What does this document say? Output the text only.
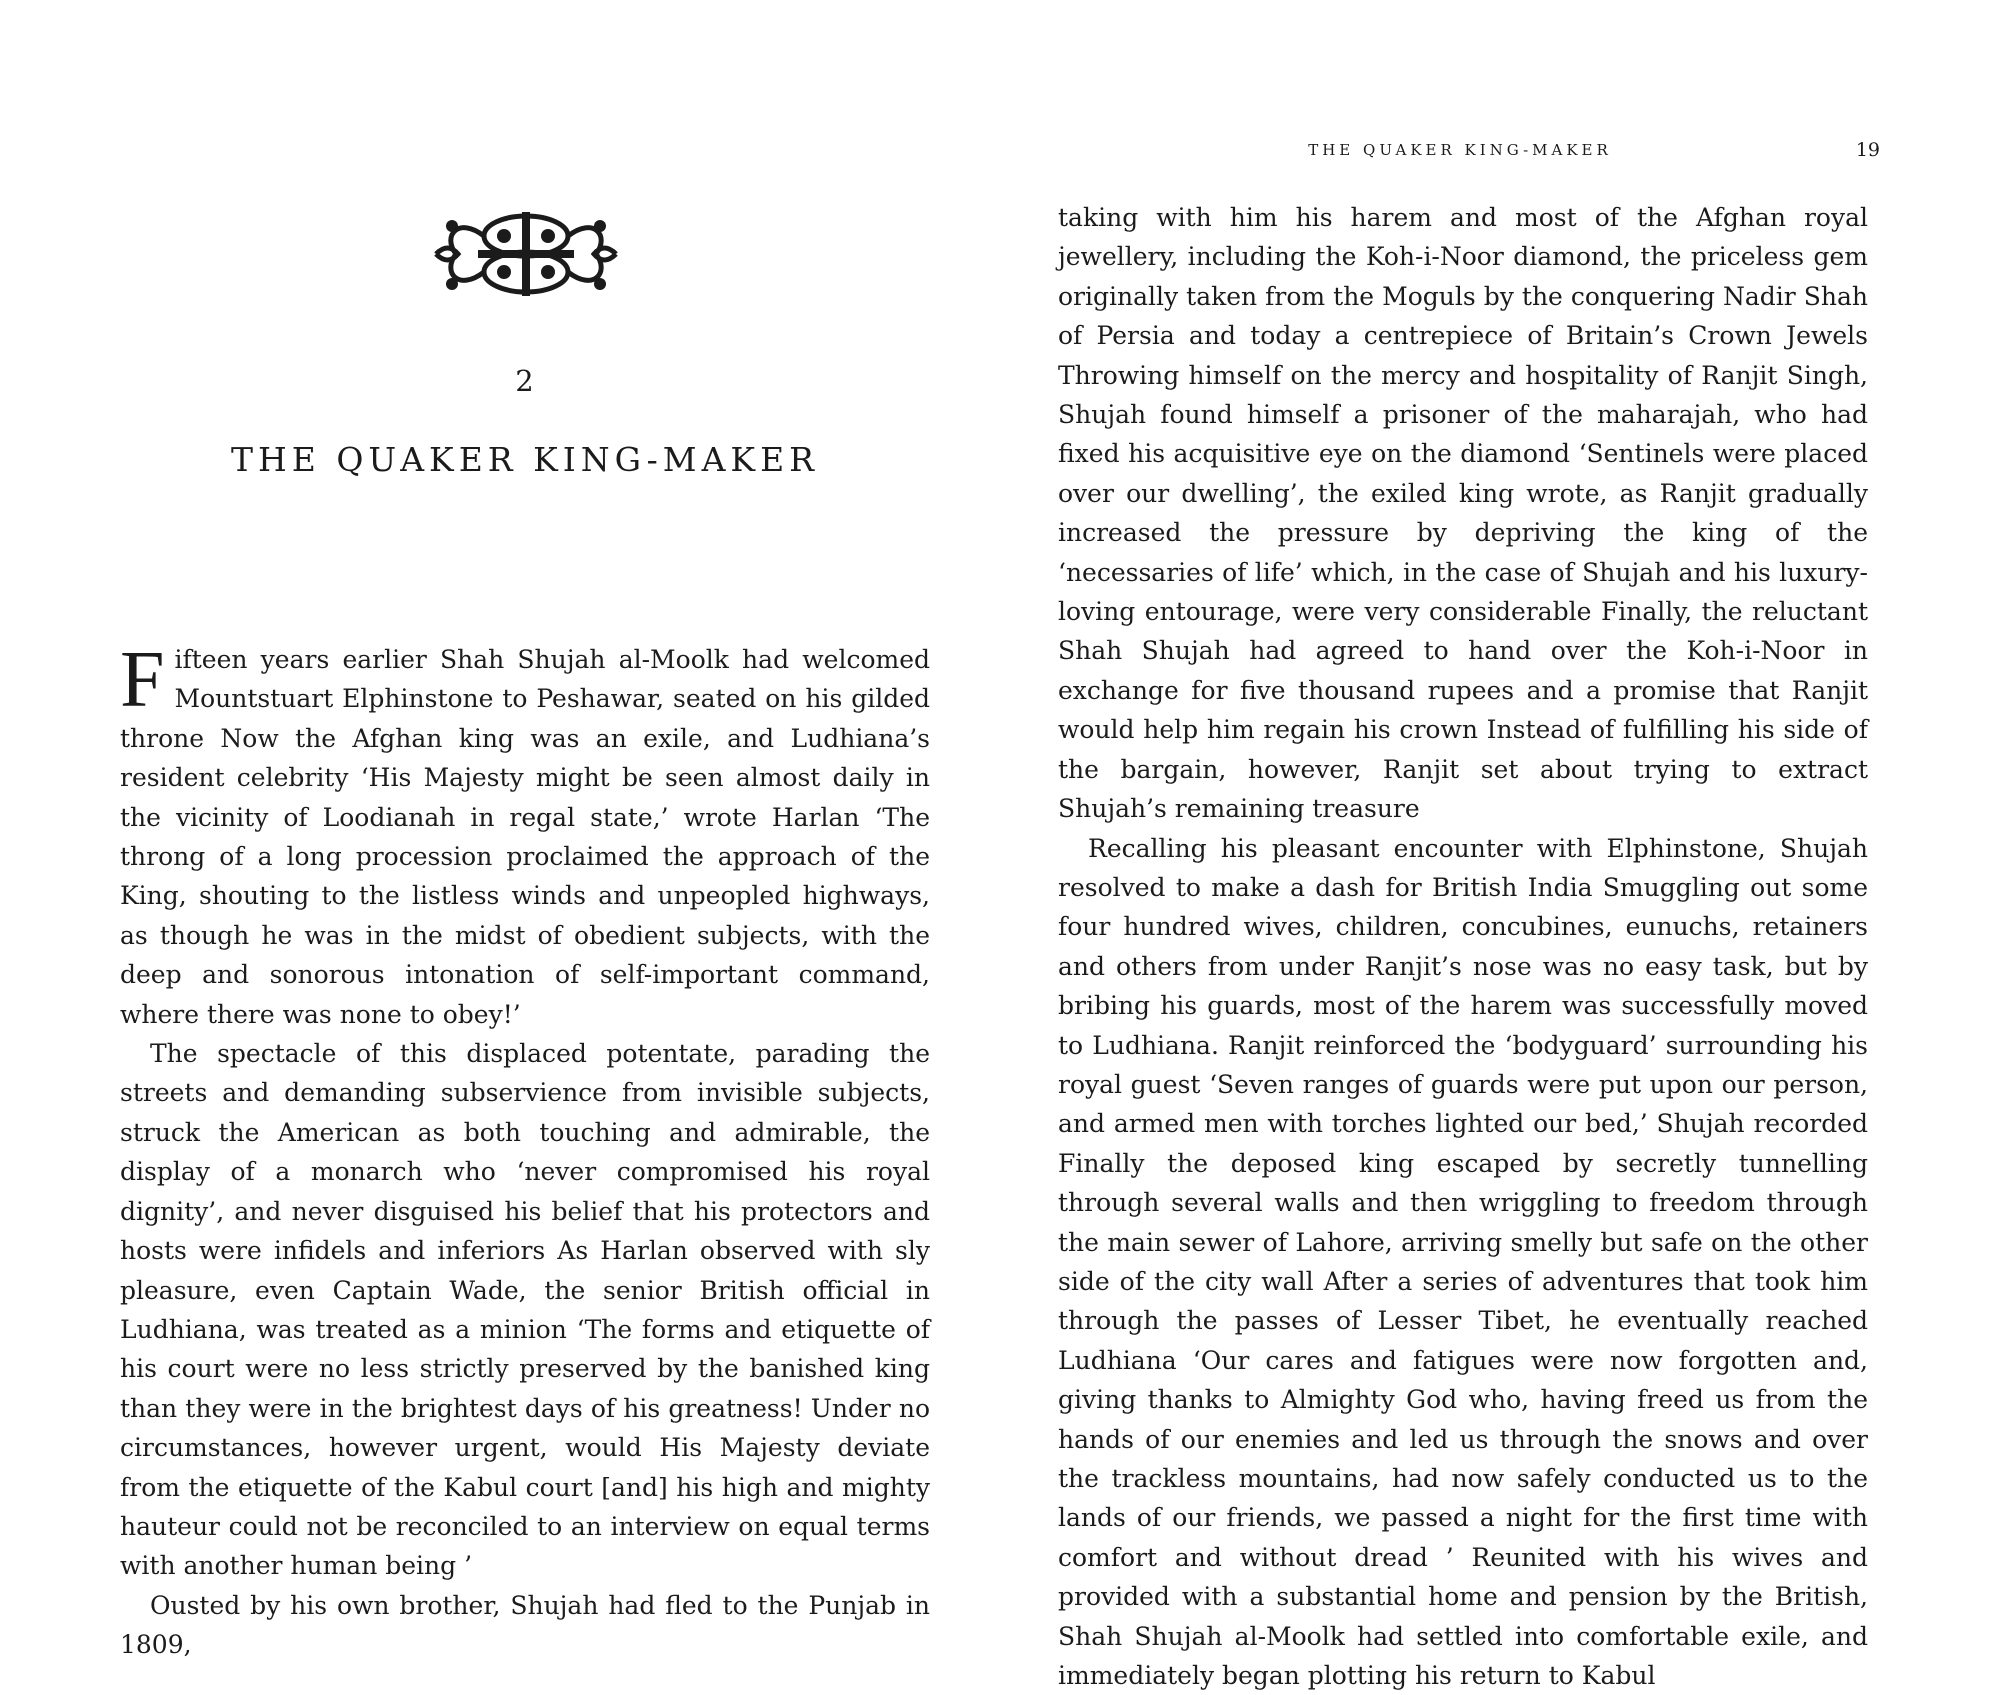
2
THE QUAKER KING-MAKER

Fifteen years earlier Shah Shujah al-Moolk had welcomed Mountstuart Elphinstone to Peshawar, seated on his gilded throne Now the Afghan king was an exile, and Ludhiana’s resident celebrity ‘His Majesty might be seen almost daily in the vicinity of Loodianah in regal state,’ wrote Harlan ‘The throng of a long procession proclaimed the approach of the King, shouting to the listless winds and unpeopled highways, as though he was in the midst of obedient subjects, with the deep and sonorous intonation of self-important command, where there was none to obey!’

The spectacle of this displaced potentate, parading the streets and demanding subservience from invisible subjects, struck the American as both touching and admirable, the display of a monarch who ‘never compromised his royal dignity’, and never disguised his belief that his protectors and hosts were infidels and inferiors As Harlan observed with sly pleasure, even Captain Wade, the senior British official in Ludhiana, was treated as a minion ‘The forms and etiquette of his court were no less strictly preserved by the banished king than they were in the brightest days of his greatness! Under no circumstances, however urgent, would His Majesty deviate from the etiquette of the Kabul court [and] his high and mighty hauteur could not be reconciled to an interview on equal terms with another human being ’

Ousted by his own brother, Shujah had fled to the Punjab in 1809,

THE QUAKER KING-MAKER	19

taking with him his harem and most of the Afghan royal jewellery, including the Koh-i-Noor diamond, the priceless gem originally taken from the Moguls by the conquering Nadir Shah of Persia and today a centrepiece of Britain’s Crown Jewels Throwing himself on the mercy and hospitality of Ranjit Singh, Shujah found himself a prisoner of the maharajah, who had fixed his acquisitive eye on the diamond ‘Sentinels were placed over our dwelling’, the exiled king wrote, as Ranjit gradually increased the pressure by depriving the king of the ‘necessaries of life’ which, in the case of Shujah and his luxury-loving entourage, were very considerable Finally, the reluctant Shah Shujah had agreed to hand over the Koh-i-Noor in exchange for five thousand rupees and a promise that Ranjit would help him regain his crown Instead of fulfilling his side of the bargain, however, Ranjit set about trying to extract Shujah’s remaining treasure

Recalling his pleasant encounter with Elphinstone, Shujah resolved to make a dash for British India Smuggling out some four hundred wives, children, concubines, eunuchs, retainers and others from under Ranjit’s nose was no easy task, but by bribing his guards, most of the harem was successfully moved to Ludhiana. Ranjit reinforced the ‘bodyguard’ surrounding his royal guest ‘Seven ranges of guards were put upon our person, and armed men with torches lighted our bed,’ Shujah recorded Finally the deposed king escaped by secretly tunnelling through several walls and then wriggling to freedom through the main sewer of Lahore, arriving smelly but safe on the other side of the city wall After a series of adventures that took him through the passes of Lesser Tibet, he eventually reached Ludhiana ‘Our cares and fatigues were now forgotten and, giving thanks to Almighty God who, having freed us from the hands of our enemies and led us through the snows and over the trackless mountains, had now safely conducted us to the lands of our friends, we passed a night for the first time with comfort and without dread ’ Reunited with his wives and provided with a substantial home and pension by the British, Shah Shujah al-Moolk had settled into comfortable exile, and immediately began plotting his return to Kabul
